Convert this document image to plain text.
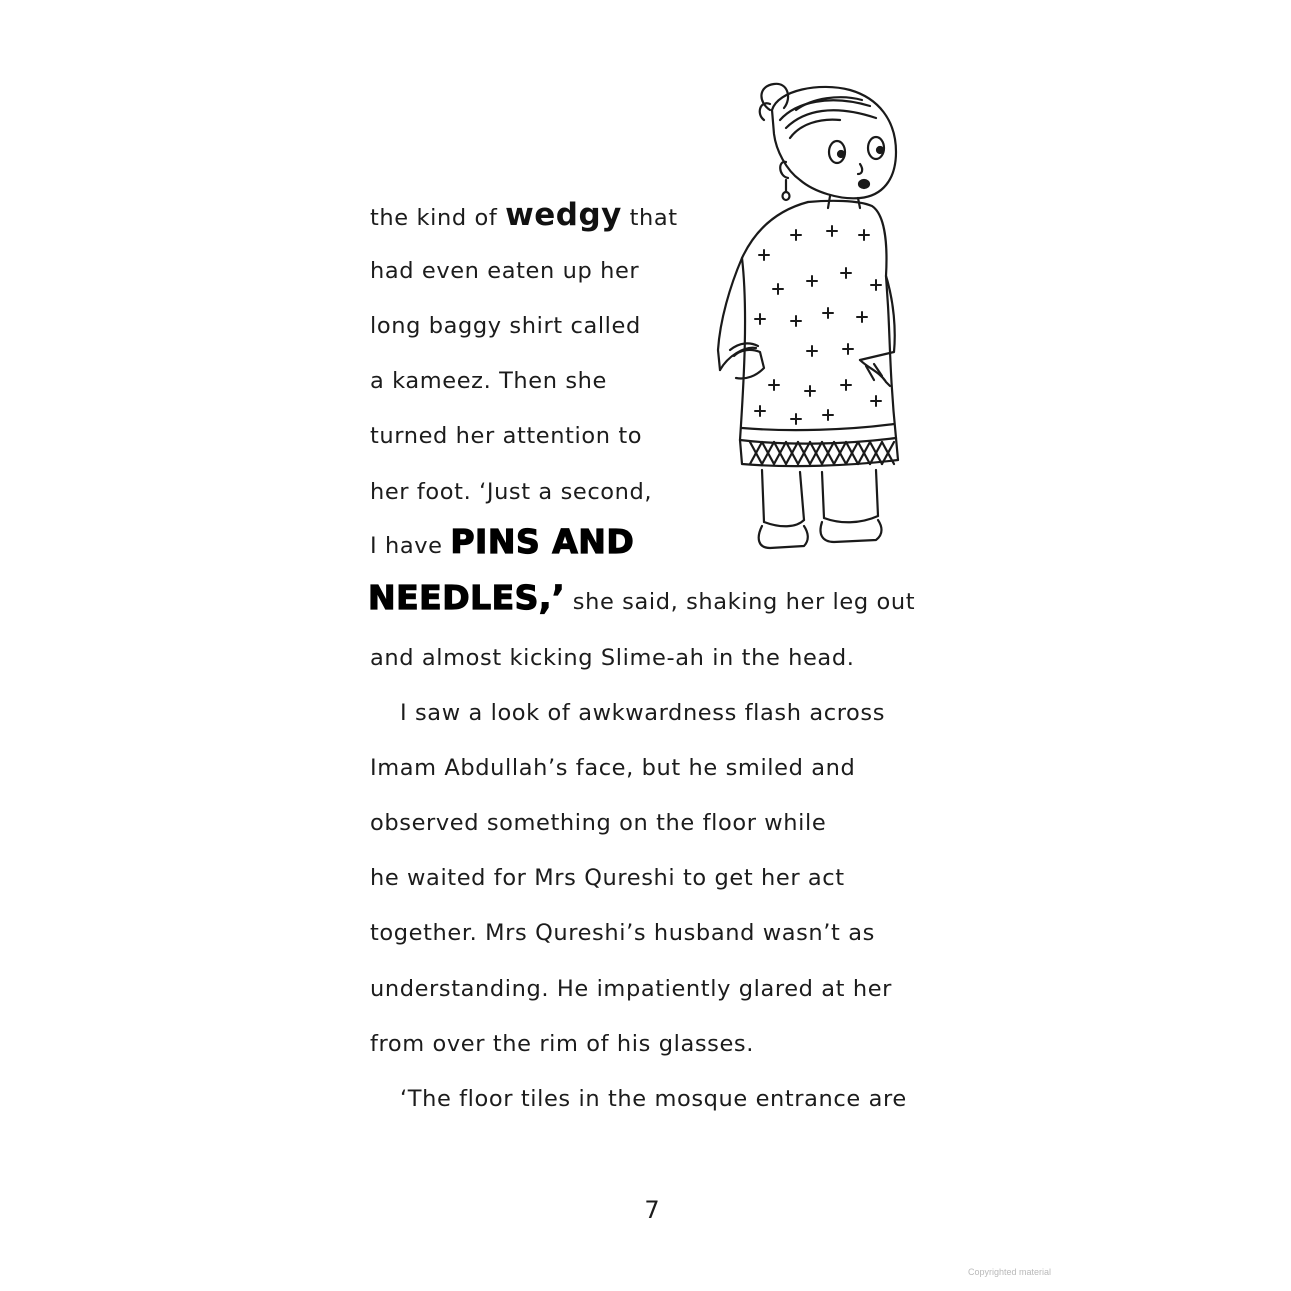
the kind of wedgy that
had even eaten up her
long baggy shirt called
a kameez. Then she
turned her attention to
her foot. ‘Just a second,
I have PINS AND
NEEDLES,’ she said, shaking her leg out
and almost kicking Slime-ah in the head.
I saw a look of awkwardness flash across
Imam Abdullah’s face, but he smiled and
observed something on the floor while
he waited for Mrs Qureshi to get her act
together. Mrs Qureshi’s husband wasn’t as
understanding. He impatiently glared at her
from over the rim of his glasses.
‘The floor tiles in the mosque entrance are
7
Copyrighted material
